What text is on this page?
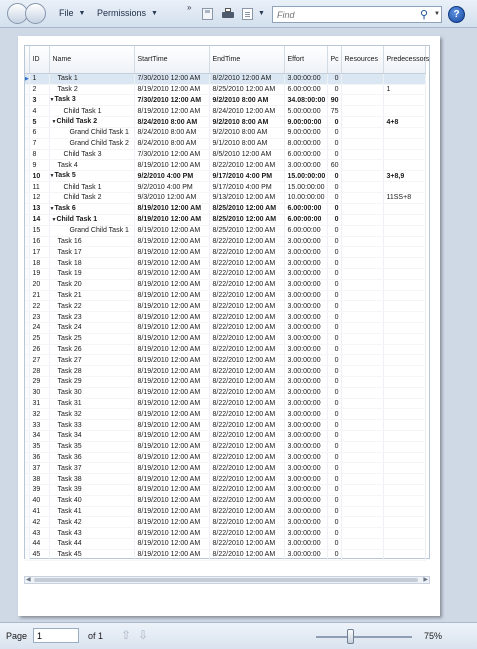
File ▼ Permissions ▼
»
▼
Find	⚲ ▼ ?
	ID	Name	StartTime	EndTime	Effort	Pc	Resources	Predecessors
▶	1	Task 1	7/30/2010 12:00 AM	8/2/2010 12:00 AM	3.00:00:00	0		
	2	Task 2	8/19/2010 12:00 AM	8/25/2010 12:00 AM	6.00:00:00	0		1
	3	▼Task 3	7/30/2010 12:00 AM	9/2/2010 8:00 AM	34.08:00:00	90		
	4	Child Task 1	8/19/2010 12:00 AM	8/24/2010 12:00 AM	5.00:00:00	75		
	5	▼Child Task 2	8/24/2010 8:00 AM	9/2/2010 8:00 AM	9.00:00:00	0		4+8
	6	Grand Child Task 1	8/24/2010 8:00 AM	9/2/2010 8:00 AM	9.00:00:00	0		
	7	Grand Child Task 2	8/24/2010 8:00 AM	9/1/2010 8:00 AM	8.00:00:00	0		
	8	Child Task 3	7/30/2010 12:00 AM	8/5/2010 12:00 AM	6.00:00:00	0		
	9	Task 4	8/19/2010 12:00 AM	8/22/2010 12:00 AM	3.00:00:00	60		
	10	▼Task 5	9/2/2010 4:00 PM	9/17/2010 4:00 PM	15.00:00:00	0		3+8,9
	11	Child Task 1	9/2/2010 4:00 PM	9/17/2010 4:00 PM	15.00:00:00	0		
	12	Child Task 2	9/3/2010 12:00 AM	9/13/2010 12:00 AM	10.00:00:00	0		11SS+8
	13	▼Task 6	8/19/2010 12:00 AM	8/25/2010 12:00 AM	6.00:00:00	0		
	14	▼Child Task 1	8/19/2010 12:00 AM	8/25/2010 12:00 AM	6.00:00:00	0		
	15	Grand Child Task 1	8/19/2010 12:00 AM	8/25/2010 12:00 AM	6.00:00:00	0		
	16	Task 16	8/19/2010 12:00 AM	8/22/2010 12:00 AM	3.00:00:00	0		
	17	Task 17	8/19/2010 12:00 AM	8/22/2010 12:00 AM	3.00:00:00	0		
	18	Task 18	8/19/2010 12:00 AM	8/22/2010 12:00 AM	3.00:00:00	0		
	19	Task 19	8/19/2010 12:00 AM	8/22/2010 12:00 AM	3.00:00:00	0		
	20	Task 20	8/19/2010 12:00 AM	8/22/2010 12:00 AM	3.00:00:00	0		
	21	Task 21	8/19/2010 12:00 AM	8/22/2010 12:00 AM	3.00:00:00	0		
	22	Task 22	8/19/2010 12:00 AM	8/22/2010 12:00 AM	3.00:00:00	0		
	23	Task 23	8/19/2010 12:00 AM	8/22/2010 12:00 AM	3.00:00:00	0		
	24	Task 24	8/19/2010 12:00 AM	8/22/2010 12:00 AM	3.00:00:00	0		
	25	Task 25	8/19/2010 12:00 AM	8/22/2010 12:00 AM	3.00:00:00	0		
	26	Task 26	8/19/2010 12:00 AM	8/22/2010 12:00 AM	3.00:00:00	0		
	27	Task 27	8/19/2010 12:00 AM	8/22/2010 12:00 AM	3.00:00:00	0		
	28	Task 28	8/19/2010 12:00 AM	8/22/2010 12:00 AM	3.00:00:00	0		
	29	Task 29	8/19/2010 12:00 AM	8/22/2010 12:00 AM	3.00:00:00	0		
	30	Task 30	8/19/2010 12:00 AM	8/22/2010 12:00 AM	3.00:00:00	0		
	31	Task 31	8/19/2010 12:00 AM	8/22/2010 12:00 AM	3.00:00:00	0		
	32	Task 32	8/19/2010 12:00 AM	8/22/2010 12:00 AM	3.00:00:00	0		
	33	Task 33	8/19/2010 12:00 AM	8/22/2010 12:00 AM	3.00:00:00	0		
	34	Task 34	8/19/2010 12:00 AM	8/22/2010 12:00 AM	3.00:00:00	0		
	35	Task 35	8/19/2010 12:00 AM	8/22/2010 12:00 AM	3.00:00:00	0		
	36	Task 36	8/19/2010 12:00 AM	8/22/2010 12:00 AM	3.00:00:00	0		
	37	Task 37	8/19/2010 12:00 AM	8/22/2010 12:00 AM	3.00:00:00	0		
	38	Task 38	8/19/2010 12:00 AM	8/22/2010 12:00 AM	3.00:00:00	0		
	39	Task 39	8/19/2010 12:00 AM	8/22/2010 12:00 AM	3.00:00:00	0		
	40	Task 40	8/19/2010 12:00 AM	8/22/2010 12:00 AM	3.00:00:00	0		
	41	Task 41	8/19/2010 12:00 AM	8/22/2010 12:00 AM	3.00:00:00	0		
	42	Task 42	8/19/2010 12:00 AM	8/22/2010 12:00 AM	3.00:00:00	0		
	43	Task 43	8/19/2010 12:00 AM	8/22/2010 12:00 AM	3.00:00:00	0		
	44	Task 44	8/19/2010 12:00 AM	8/22/2010 12:00 AM	3.00:00:00	0		
	45	Task 45	8/19/2010 12:00 AM	8/22/2010 12:00 AM	3.00:00:00	0		
◀	▶
Page
1	of 1 ⇧ ⇩	75%
